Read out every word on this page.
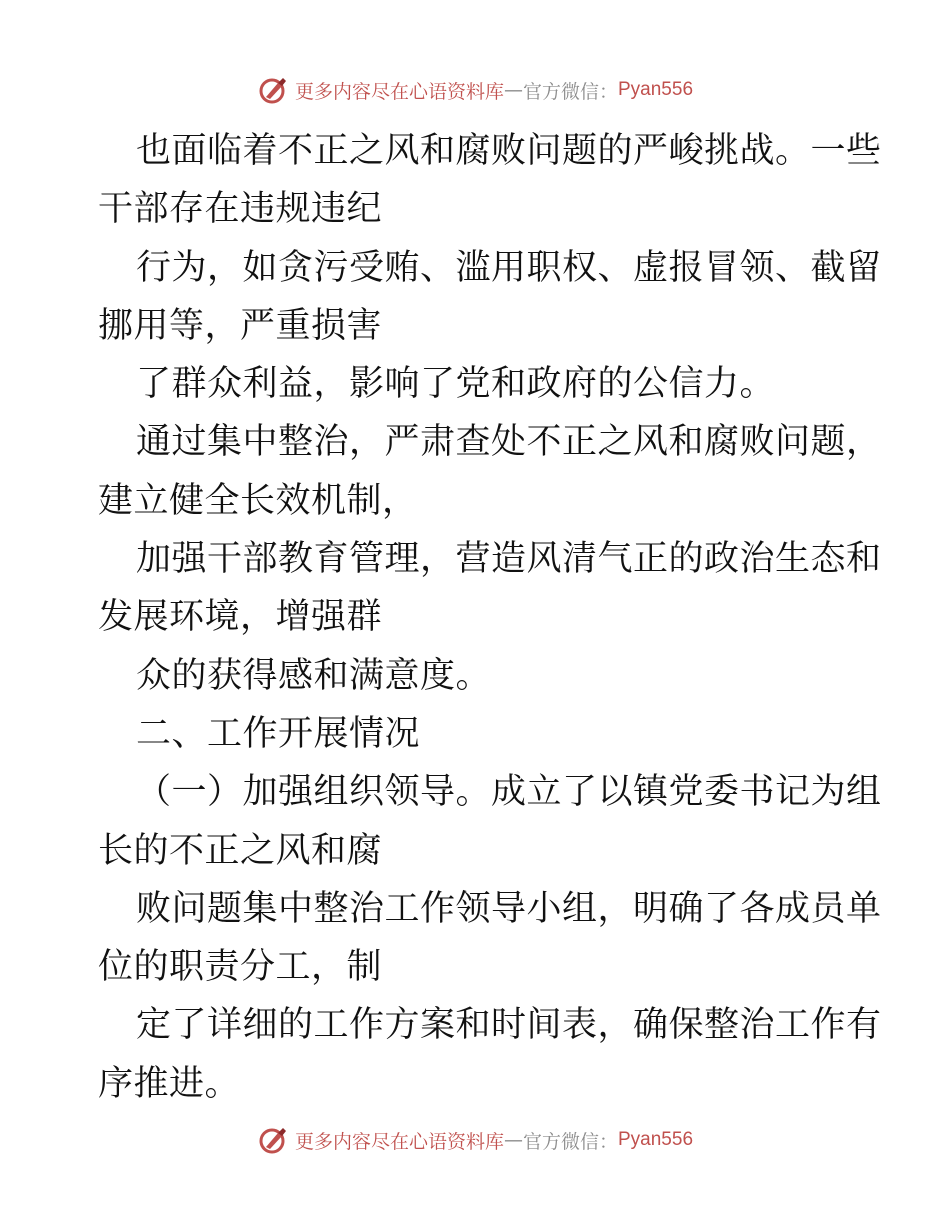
更多内容尽在心语资料库 — 官方微信： Pyan556
也面临着不正之风和腐败问题的严峻挑战。一些
干部存在违规违纪
行为，如贪污受贿、滥用职权、虚报冒领、截留
挪用等，严重损害
了群众利益，影响了党和政府的公信力。
通过集中整治，严肃查处不正之风和腐败问题，
建立健全长效机制，
加强干部教育管理，营造风清气正的政治生态和
发展环境，增强群
众的获得感和满意度。
二、工作开展情况
（一）加强组织领导。成立了以镇党委书记为组
长的不正之风和腐
败问题集中整治工作领导小组，明确了各成员单
位的职责分工，制
定了详细的工作方案和时间表，确保整治工作有
序推进。
更多内容尽在心语资料库 — 官方微信： Pyan556
